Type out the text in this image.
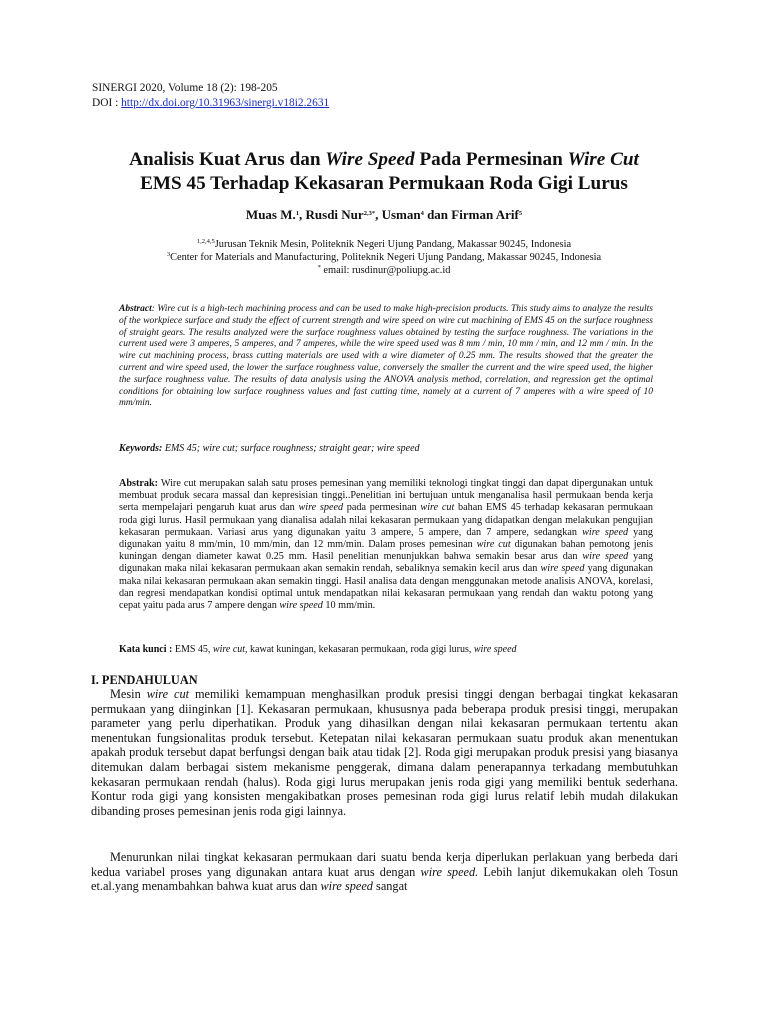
SINERGI 2020, Volume 18 (2): 198-205
DOI : http://dx.doi.org/10.31963/sinergi.v18i2.2631
Analisis Kuat Arus dan Wire Speed Pada Permesinan Wire Cut
EMS 45 Terhadap Kekasaran Permukaan Roda Gigi Lurus
Muas M.$^1$, Rusdi Nur$^{2,3*}$, Usman$^4$ dan Firman Arif$^5$
$^{1,2,4,5}$Jurusan Teknik Mesin, Politeknik Negeri Ujung Pandang, Makassar 90245, Indonesia
$^3$Center for Materials and Manufacturing, Politeknik Negeri Ujung Pandang, Makassar 90245, Indonesia
* email: rusdinur@poliupg.ac.id
Abstract: Wire cut is a high-tech machining process and can be used to make high-precision products. This study aims to analyze the results of the workpiece surface and study the effect of current strength and wire speed on wire cut machining of EMS 45 on the surface roughness of straight gears. The results analyzed were the surface roughness values obtained by testing the surface roughness. The variations in the current used were 3 amperes, 5 amperes, and 7 amperes, while the wire speed used was 8 mm / min, 10 mm / min, and 12 mm / min. In the wire cut machining process, brass cutting materials are used with a wire diameter of 0.25 mm. The results showed that the greater the current and wire speed used, the lower the surface roughness value, conversely the smaller the current and the wire speed used, the higher the surface roughness value. The results of data analysis using the ANOVA analysis method, correlation, and regression get the optimal conditions for obtaining low surface roughness values and fast cutting time, namely at a current of 7 amperes with a wire speed of 10 mm/min.
Keywords: EMS 45; wire cut; surface roughness; straight gear; wire speed
Abstrak: Wire cut merupakan salah satu proses pemesinan yang memiliki teknologi tingkat tinggi dan dapat dipergunakan untuk membuat produk secara massal dan kepresisian tinggi..Penelitian ini bertujuan untuk menganalisa hasil permukaan benda kerja serta mempelajari pengaruh kuat arus dan wire speed pada permesinan wire cut bahan EMS 45 terhadap kekasaran permukaan roda gigi lurus. Hasil permukaan yang dianalisa adalah nilai kekasaran permukaan yang didapatkan dengan melakukan pengujian kekasaran permukaan. Variasi arus yang digunakan yaitu 3 ampere, 5 ampere, dan 7 ampere, sedangkan wire speed yang digunakan yaitu 8 mm/min, 10 mm/min, dan 12 mm/min. Dalam proses pemesinan wire cut digunakan bahan pemotong jenis kuningan dengan diameter kawat 0.25 mm. Hasil penelitian menunjukkan bahwa semakin besar arus dan wire speed yang digunakan maka nilai kekasaran permukaan akan semakin rendah, sebaliknya semakin kecil arus dan wire speed yang digunakan maka nilai kekasaran permukaan akan semakin tinggi. Hasil analisa data dengan menggunakan metode analisis ANOVA, korelasi, dan regresi mendapatkan kondisi optimal untuk mendapatkan nilai kekasaran permukaan yang rendah dan waktu potong yang cepat yaitu pada arus 7 ampere dengan wire speed 10 mm/min.
Kata kunci : EMS 45, wire cut, kawat kuningan, kekasaran permukaan, roda gigi lurus, wire speed
I. PENDAHULUAN
Mesin wire cut memiliki kemampuan menghasilkan produk presisi tinggi dengan berbagai tingkat kekasaran permukaan yang diinginkan [1]. Kekasaran permukaan, khususnya pada beberapa produk presisi tinggi, merupakan parameter yang perlu diperhatikan. Produk yang dihasilkan dengan nilai kekasaran permukaan tertentu akan menentukan fungsionalitas produk tersebut. Ketepatan nilai kekasaran permukaan suatu produk akan menentukan apakah produk tersebut dapat berfungsi dengan baik atau tidak [2]. Roda gigi merupakan produk presisi yang biasanya ditemukan dalam berbagai sistem mekanisme penggerak, dimana dalam penerapannya terkadang membutuhkan kekasaran permukaan rendah (halus). Roda gigi lurus merupakan jenis roda gigi yang memiliki bentuk sederhana. Kontur roda gigi yang konsisten mengakibatkan proses pemesinan roda gigi lurus relatif lebih mudah dilakukan dibanding proses pemesinan jenis roda gigi lainnya.
Menurunkan nilai tingkat kekasaran permukaan dari suatu benda kerja diperlukan perlakuan yang berbeda dari kedua variabel proses yang digunakan antara kuat arus dengan wire speed. Lebih lanjut dikemukakan oleh Tosun et.al.yang menambahkan bahwa kuat arus dan wire speed sangat
